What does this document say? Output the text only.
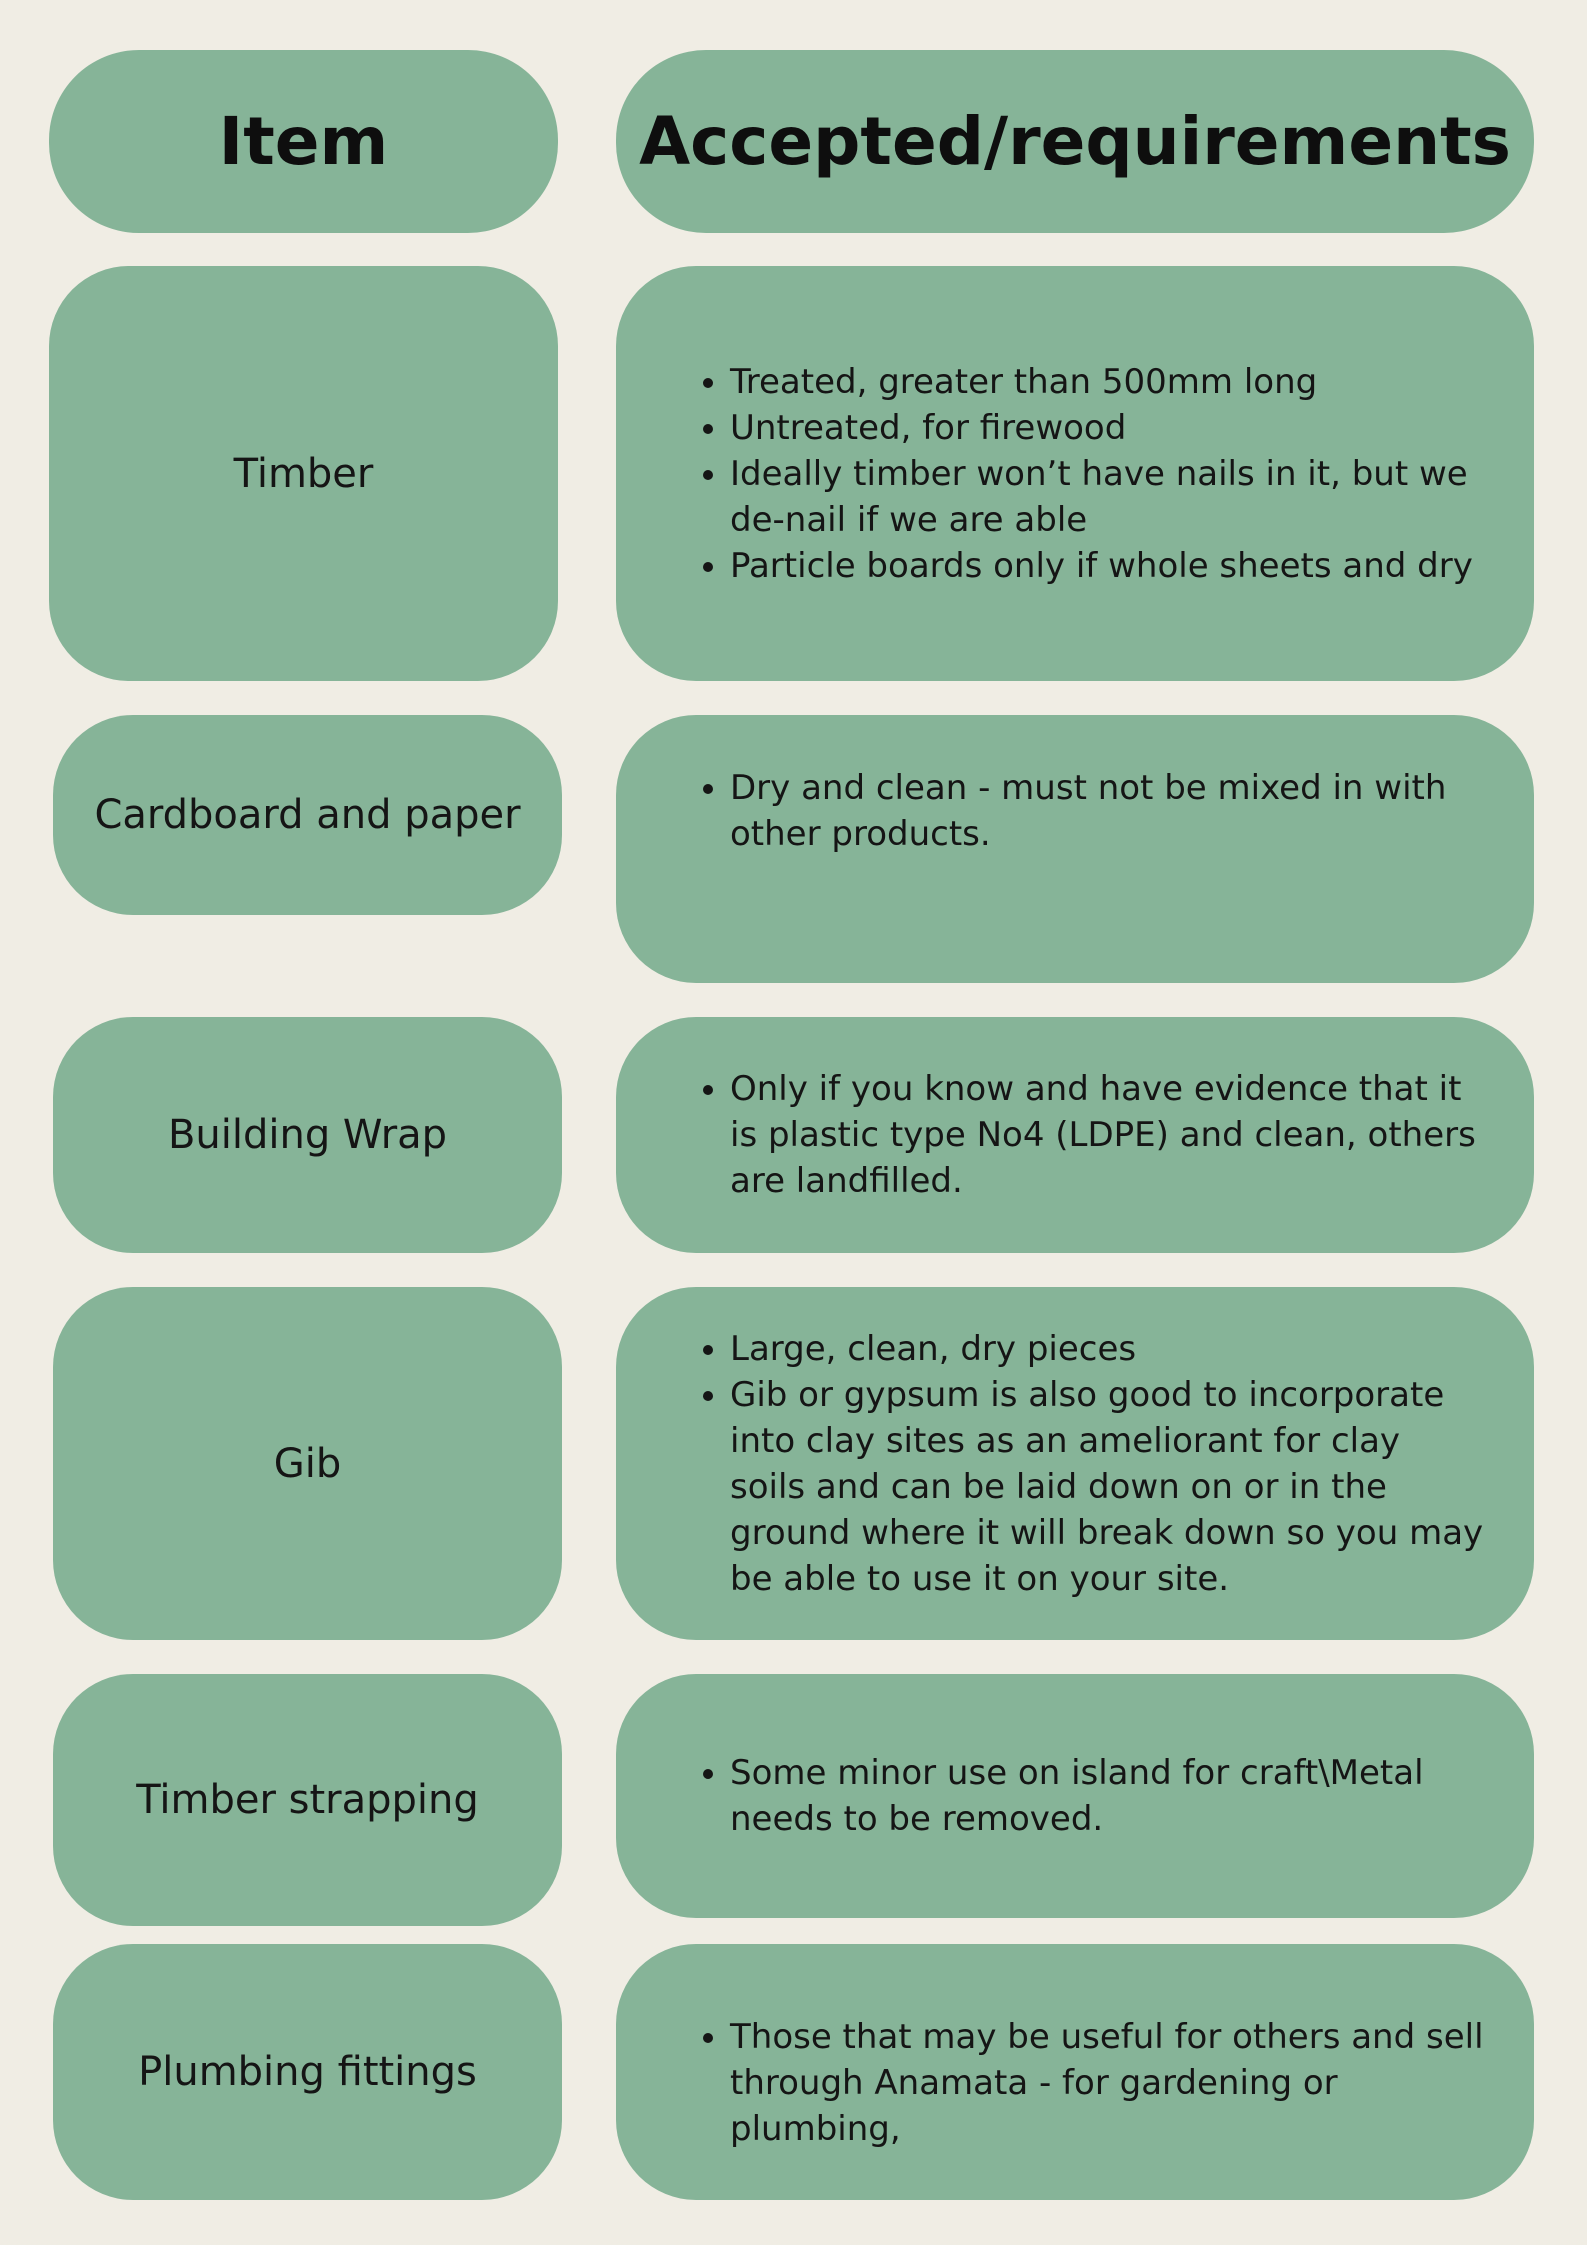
Item	Accepted/requirements
Timber
• Treated, greater than 500mm long
• Untreated, for firewood
• Ideally timber won’t have nails in it, but we de-nail if we are able
• Particle boards only if whole sheets and dry
Cardboard and paper
• Dry and clean - must not be mixed in with other products.
Building Wrap
• Only if you know and have evidence that it is plastic type No4 (LDPE) and clean, others are landfilled.
Gib
• Large, clean, dry pieces
• Gib or gypsum is also good to incorporate into clay sites as an ameliorant for clay soils and can be laid down on or in the ground where it will break down so you may be able to use it on your site.
Timber strapping
• Some minor use on island for craft\Metal needs to be removed.
Plumbing fittings
• Those that may be useful for others and sell through Anamata - for gardening or plumbing,
